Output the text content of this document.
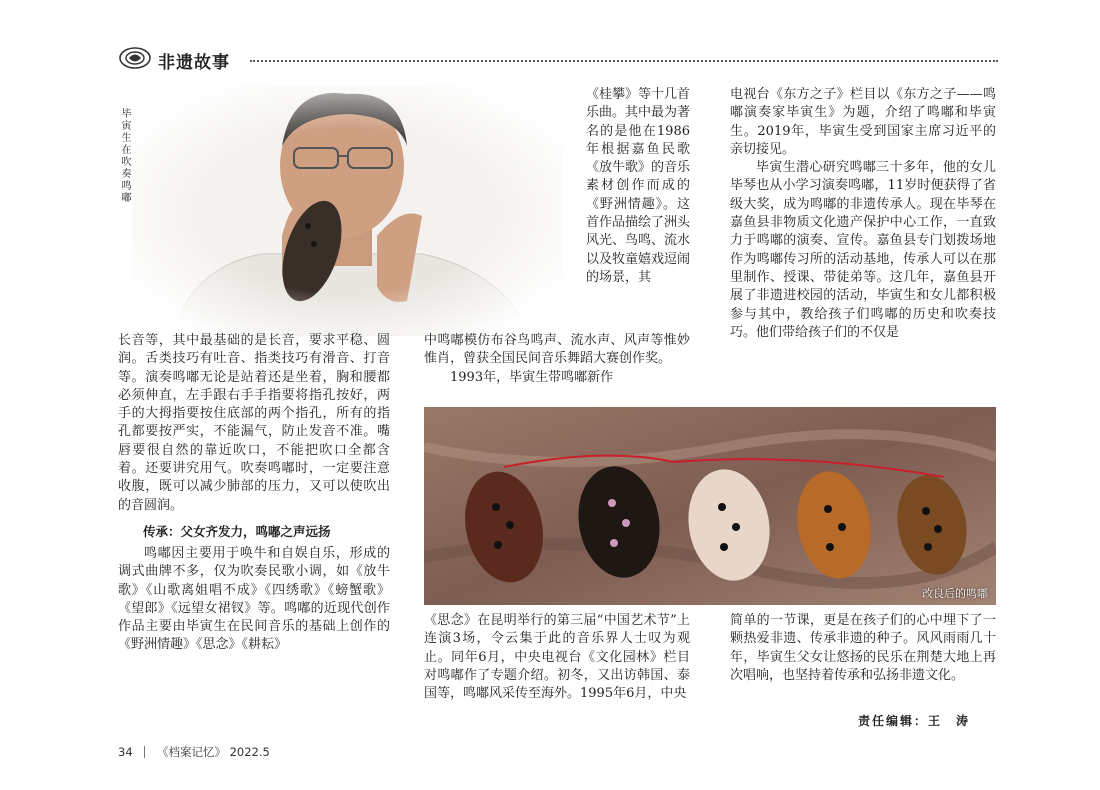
非遗故事
毕寅生在吹奏鸣嘟

长音等，其中最基础的是长音，要求平稳、圆润。舌类技巧有吐音、指类技巧有滑音、打音等。演奏鸣嘟无论是站着还是坐着，胸和腰都必须伸直，左手跟右手手指要将指孔按好，两手的大拇指要按住底部的两个指孔，所有的指孔都要按严实，不能漏气，防止发音不准。嘴唇要很自然的靠近吹口，不能把吹口全都含着。还要讲究用气。吹奏鸣嘟时，一定要注意收腹，既可以减少肺部的压力，又可以使吹出的音圆润。

传承：父女齐发力，鸣嘟之声远扬

鸣嘟因主要用于唤牛和自娱自乐，形成的调式曲牌不多，仅为吹奏民歌小调，如《放牛歌》《山歌离姐唱不成》《四绣歌》《螃蟹歌》《望郎》《远望女裙钗》等。鸣嘟的近现代创作作品主要由毕寅生在民间音乐的基础上创作的《野洲情趣》《思念》《耕耘》

《桂攀》等十几首乐曲。其中最为著名的是他在1986年根据嘉鱼民歌《放牛歌》的音乐素材创作而成的《野洲情趣》。这首作品描绘了洲头风光、鸟鸣、流水以及牧童嬉戏逗闹的场景，其

中鸣嘟模仿布谷鸟鸣声、流水声、风声等惟妙惟肖，曾获全国民间音乐舞蹈大赛创作奖。

1993年，毕寅生带鸣嘟新作

改良后的鸣嘟

《思念》在昆明举行的第三届“中国艺术节”上连演3场，令云集于此的音乐界人士叹为观止。同年6月，中央电视台《文化园林》栏目对鸣嘟作了专题介绍。初冬，又出访韩国、泰国等，鸣嘟风采传至海外。1995年6月，中央

电视台《东方之子》栏目以《东方之子——鸣嘟演奏家毕寅生》为题，介绍了鸣嘟和毕寅生。2019年，毕寅生受到国家主席习近平的亲切接见。

毕寅生潜心研究鸣嘟三十多年，他的女儿毕琴也从小学习演奏鸣嘟，11岁时便获得了省级大奖，成为鸣嘟的非遗传承人。现在毕琴在嘉鱼县非物质文化遗产保护中心工作，一直致力于鸣嘟的演奏、宣传。嘉鱼县专门划拨场地作为鸣嘟传习所的活动基地，传承人可以在那里制作、授课、带徒弟等。这几年，嘉鱼县开展了非遗进校园的活动，毕寅生和女儿都积极参与其中，教给孩子们鸣嘟的历史和吹奏技巧。他们带给孩子们的不仅是

简单的一节课，更是在孩子们的心中埋下了一颗热爱非遗、传承非遗的种子。风风雨雨几十年，毕寅生父女让悠扬的民乐在荆楚大地上再次唱响，也坚持着传承和弘扬非遗文化。

责任编辑：王　涛
34 《档案记忆》 2022.5
